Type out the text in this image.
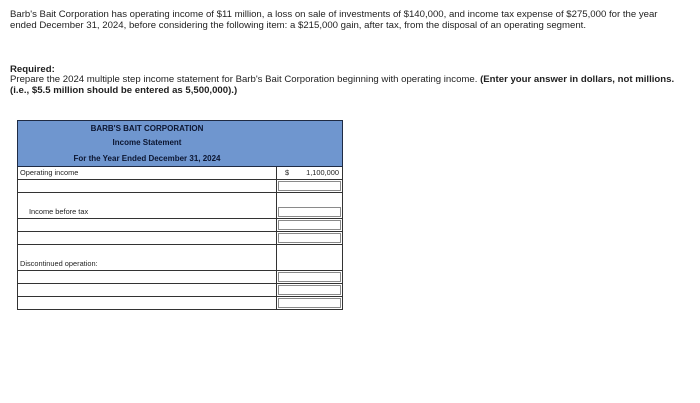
Barb's Bait Corporation has operating income of $11 million, a loss on sale of investments of $140,000, and income tax expense of $275,000 for the year ended December 31, 2024, before considering the following item: a $215,000 gain, after tax, from the disposal of an operating segment.

Required:

Prepare the 2024 multiple step income statement for Barb's Bait Corporation beginning with operating income. (Enter your answer in dollars, not millions. (i.e., $5.5 million should be entered as 5,500,000).)

BARB'S BAIT CORPORATION
Income Statement
For the Year Ended December 31, 2024
Operating income	$ 1,100,000
Income before tax
Discontinued operation:
